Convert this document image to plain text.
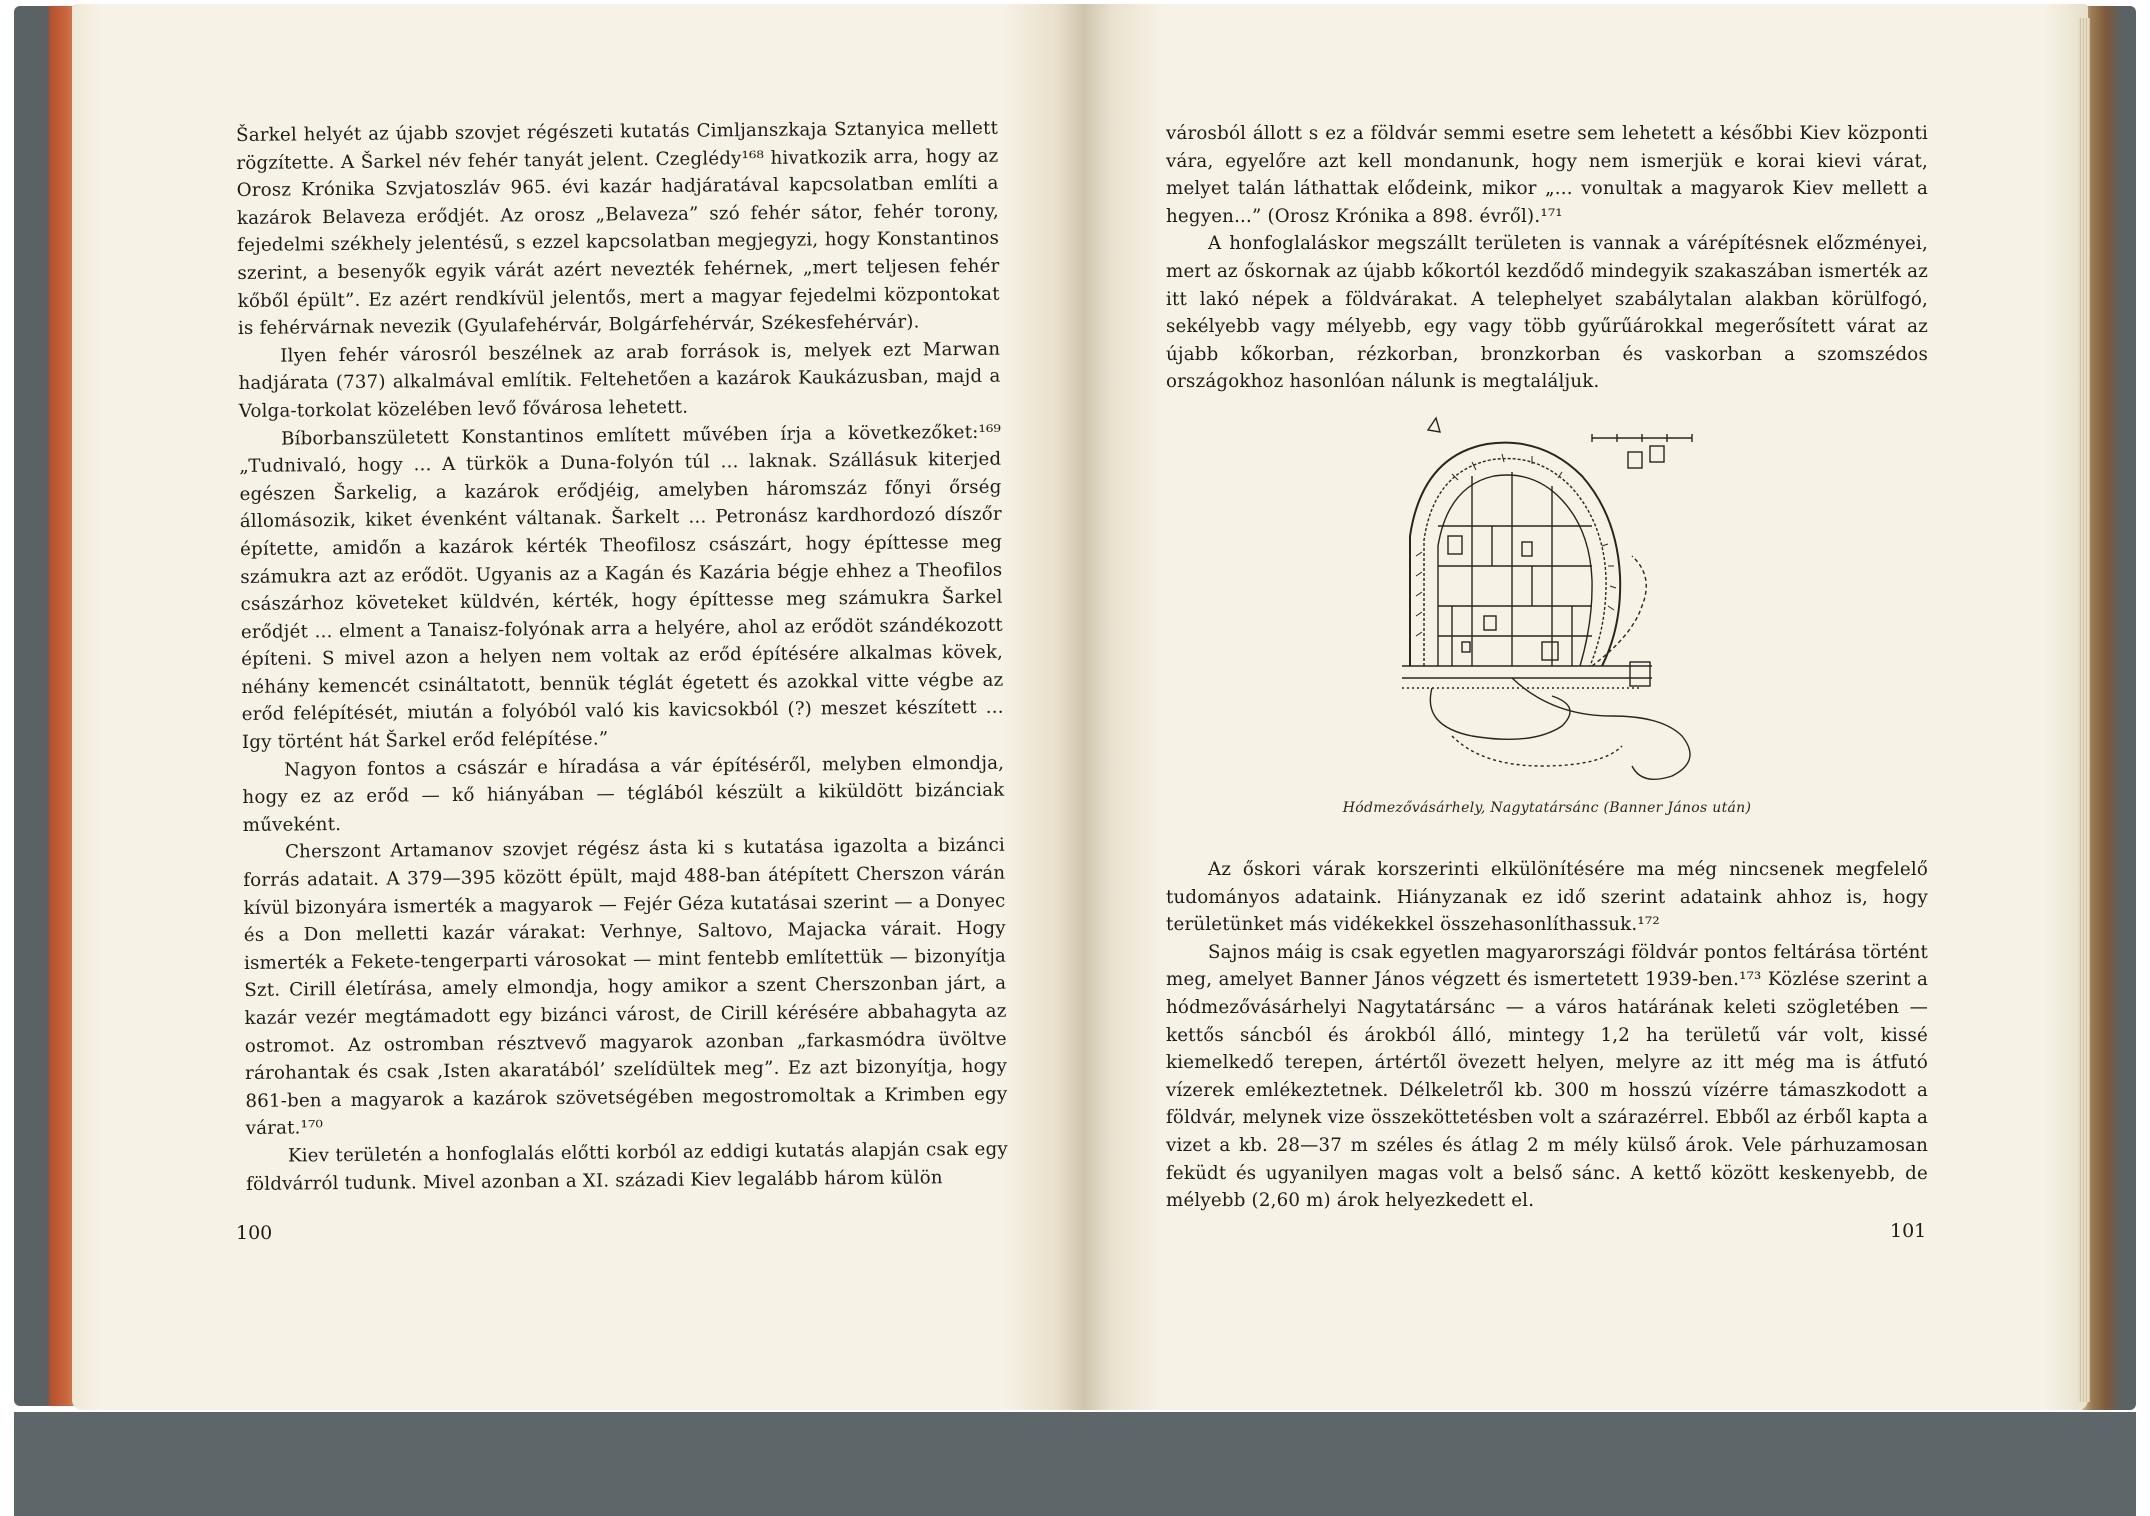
Šarkel helyét az újabb szovjet régészeti kutatás Cimljanszkaja Sztanyica mellett rögzítette. A Šarkel név fehér tanyát jelent. Czeglédy¹⁶⁸ hivatkozik arra, hogy az Orosz Krónika Szvjatoszláv 965. évi kazár hadjáratával kapcsolatban említi a kazárok Belaveza erődjét. Az orosz „Belaveza” szó fehér sátor, fehér torony, fejedelmi székhely jelentésű, s ezzel kapcsolatban megjegyzi, hogy Konstantinos szerint, a besenyők egyik várát azért nevezték fehérnek, „mert teljesen fehér kőből épült”. Ez azért rendkívül jelentős, mert a magyar fejedelmi központokat is fehérvárnak nevezik (Gyulafehérvár, Bolgárfehérvár, Székesfehérvár).

Ilyen fehér városról beszélnek az arab források is, melyek ezt Marwan hadjárata (737) alkalmával említik. Feltehetően a kazárok Kaukázusban, majd a Volga-torkolat közelében levő fővárosa lehetett.

Bíborbanszületett Konstantinos említett művében írja a következőket:¹⁶⁹ „Tudnivaló, hogy ... A türkök a Duna-folyón túl ... laknak. Szállásuk kiterjed egészen Šarkelig, a kazárok erődjéig, amelyben háromszáz főnyi őrség állomásozik, kiket évenként váltanak. Šarkelt ... Petronász kardhordozó díszőr építette, amidőn a kazárok kérték Theofilosz császárt, hogy építtesse meg számukra azt az erődöt. Ugyanis az a Kagán és Kazária bégje ehhez a Theofilos császárhoz követeket küldvén, kérték, hogy építtesse meg számukra Šarkel erődjét ... elment a Tanaisz-folyónak arra a helyére, ahol az erődöt szándékozott építeni. S mivel azon a helyen nem voltak az erőd építésére alkalmas kövek, néhány kemencét csináltatott, bennük téglát égetett és azokkal vitte végbe az erőd felépítését, miután a folyóból való kis kavicsokból (?) meszet készített ... Igy történt hát Šarkel erőd felépítése.”

Nagyon fontos a császár e híradása a vár építéséről, melyben elmondja, hogy ez az erőd — kő hiányában — téglából készült a kiküldött bizánciak műveként.

Cherszont Artamanov szovjet régész ásta ki s kutatása igazolta a bizánci forrás adatait. A 379—395 között épült, majd 488-ban átépített Cherszon várán kívül bizonyára ismerték a magyarok — Fejér Géza kutatásai szerint — a Donyec és a Don melletti kazár várakat: Verhnye, Saltovo, Majacka várait. Hogy ismerték a Fekete-tengerparti városokat — mint fentebb említettük — bizonyítja Szt. Cirill életírása, amely elmondja, hogy amikor a szent Cherszonban járt, a kazár vezér megtámadott egy bizánci várost, de Cirill kérésére abbahagyta az ostromot. Az ostromban résztvevő magyarok azonban „farkasmódra üvöltve rárohantak és csak ‚Isten akaratából’ szelídültek meg”. Ez azt bizonyítja, hogy 861-ben a magyarok a kazárok szövetségében megostromoltak a Krimben egy várat.¹⁷⁰

Kiev területén a honfoglalás előtti korból az eddigi kutatás alapján csak egy földvárról tudunk. Mivel azonban a XI. századi Kiev legalább három külön

100

városból állott s ez a földvár semmi esetre sem lehetett a későbbi Kiev központi vára, egyelőre azt kell mondanunk, hogy nem ismerjük e korai kievi várat, melyet talán láthattak elődeink, mikor „... vonultak a magyarok Kiev mellett a hegyen...” (Orosz Krónika a 898. évről).¹⁷¹

A honfoglaláskor megszállt területen is vannak a várépítésnek előzményei, mert az őskornak az újabb kőkortól kezdődő mindegyik szakaszában ismerték az itt lakó népek a földvárakat. A telephelyet szabálytalan alakban körülfogó, sekélyebb vagy mélyebb, egy vagy több gyűrűárokkal megerősített várat az újabb kőkorban, rézkorban, bronzkorban és vaskorban a szomszédos országokhoz hasonlóan nálunk is megtaláljuk.

Hódmezővásárhely, Nagytatársánc (Banner János után)

Az őskori várak korszerinti elkülönítésére ma még nincsenek megfelelő tudományos adataink. Hiányzanak ez idő szerint adataink ahhoz is, hogy területünket más vidékekkel összehasonlíthassuk.¹⁷²

Sajnos máig is csak egyetlen magyarországi földvár pontos feltárása történt meg, amelyet Banner János végzett és ismertetett 1939-ben.¹⁷³ Közlése szerint a hódmezővásárhelyi Nagytatársánc — a város határának keleti szögletében — kettős sáncból és árokból álló, mintegy 1,2 ha területű vár volt, kissé kiemelkedő terepen, ártértől övezett helyen, melyre az itt még ma is átfutó vízerek emlékeztetnek. Délkeletről kb. 300 m hosszú vízérre támaszkodott a földvár, melynek vize összeköttetésben volt a szárazérrel. Ebből az érből kapta a vizet a kb. 28—37 m széles és átlag 2 m mély külső árok. Vele párhuzamosan feküdt és ugyanilyen magas volt a belső sánc. A kettő között keskenyebb, de mélyebb (2,60 m) árok helyezkedett el.

101
